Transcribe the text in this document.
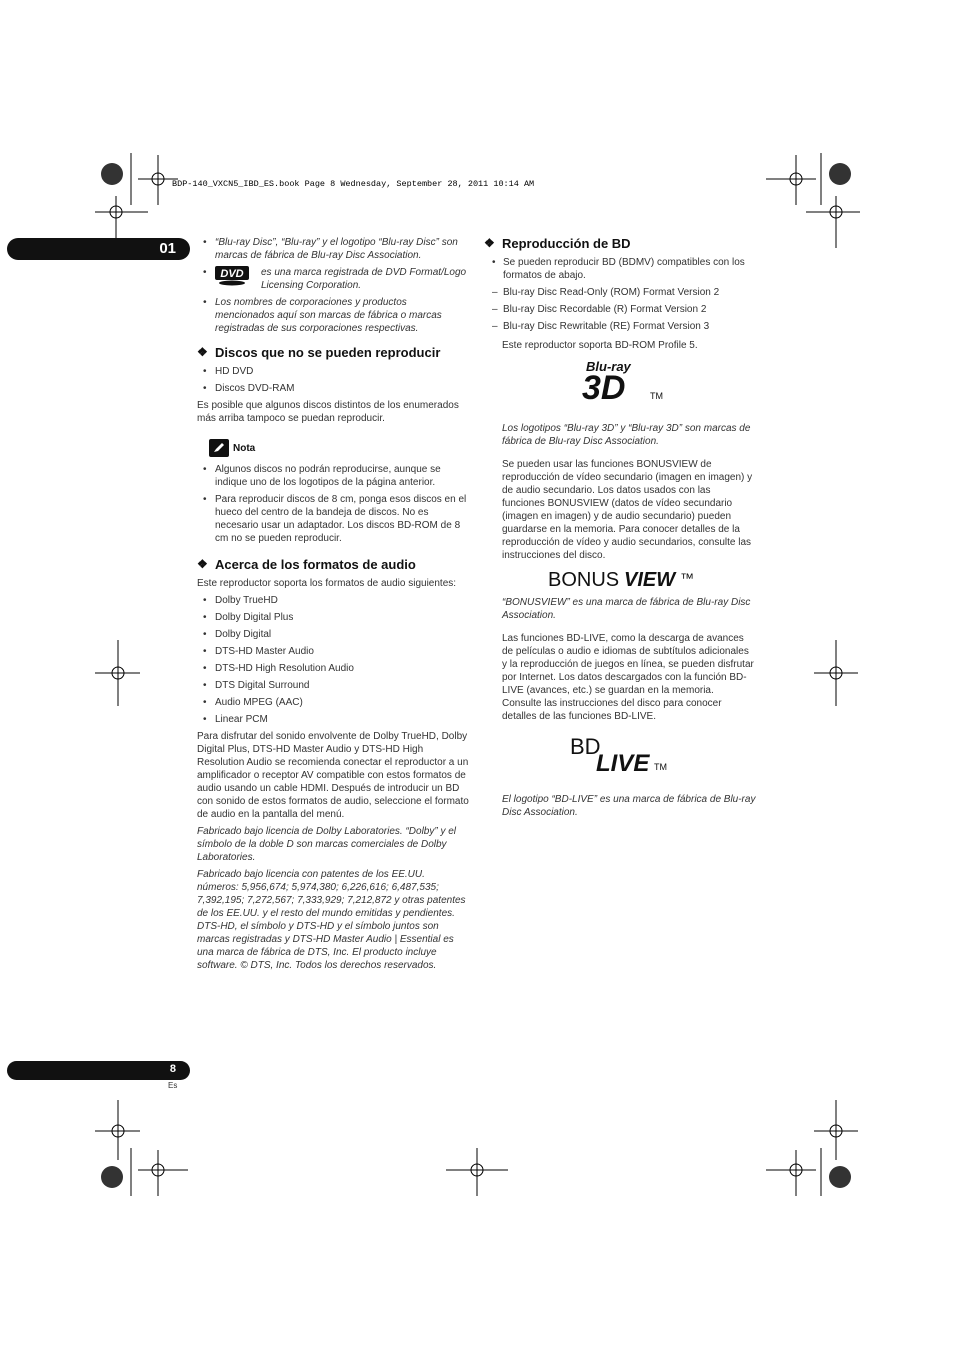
BDP-140_VXCN5_IBD_ES.book Page 8 Wednesday, September 28, 2011 10:14 AM
01
•	“Blu-ray Disc”, “Blu-ray” y el logotipo “Blu-ray Disc” son marcas de fábrica de Blu-ray Disc Association.
• DVD es una marca registrada de DVD Format/Logo Licensing Corporation.
• Los nombres de corporaciones y productos mencionados aquí son marcas de fábrica o marcas registradas de sus corporaciones respectivas.
❖ Discos que no se pueden reproducir
• HD DVD
• Discos DVD-RAM

Es posible que algunos discos distintos de los enumerados más arriba tampoco se puedan reproducir.

Nota
• Algunos discos no podrán reproducirse, aunque se indique uno de los logotipos de la página anterior.
• Para reproducir discos de 8 cm, ponga esos discos en el hueco del centro de la bandeja de discos. No es necesario usar un adaptador. Los discos BD-ROM de 8 cm no se pueden reproducir.
❖ Acerca de los formatos de audio

Este reproductor soporta los formatos de audio siguientes:

• Dolby TrueHD
• Dolby Digital Plus
• Dolby Digital
• DTS-HD Master Audio
• DTS-HD High Resolution Audio
• DTS Digital Surround
• Audio MPEG (AAC)
• Linear PCM

Para disfrutar del sonido envolvente de Dolby TrueHD, Dolby Digital Plus, DTS-HD Master Audio y DTS-HD High Resolution Audio se recomienda conectar el reproductor a un amplificador o receptor AV compatible con estos formatos de audio usando un cable HDMI. Después de introducir un BD con sonido de estos formatos de audio, seleccione el formato de audio en la pantalla del menú.

Fabricado bajo licencia de Dolby Laboratories. “Dolby” y el símbolo de la doble D son marcas comerciales de Dolby Laboratories.

Fabricado bajo licencia con patentes de los EE.UU. números: 5,956,674; 5,974,380; 6,226,616; 6,487,535; 7,392,195; 7,272,567; 7,333,929; 7,212,872 y otras patentes de los EE.UU. y el resto del mundo emitidas y pendientes. DTS-HD, el símbolo y DTS-HD y el símbolo juntos son marcas registradas y DTS-HD Master Audio | Essential es una marca de fábrica de DTS, Inc. El producto incluye software. © DTS, Inc. Todos los derechos reservados.

❖ Reproducción de BD
• Se pueden reproducir BD (BDMV) compatibles con los formatos de abajo.
– Blu-ray Disc Read-Only (ROM) Format Version 2
– Blu-ray Disc Recordable (R) Format Version 2
– Blu-ray Disc Rewritable (RE) Format Version 3

Este reproductor soporta BD-ROM Profile 5.

Blu-ray
3D	TM

Los logotipos “Blu-ray 3D” y “Blu-ray 3D” son marcas de fábrica de Blu-ray Disc Association.

Se pueden usar las funciones BONUSVIEW de reproducción de vídeo secundario (imagen en imagen) y de audio secundario. Los datos usados con las funciones BONUSVIEW (datos de vídeo secundario (imagen en imagen) y de audio secundario) pueden guardarse en la memoria. Para conocer detalles de la reproducción de vídeo y audio secundarios, consulte las instrucciones del disco.

BONUS VIEW ™

“BONUSVIEW” es una marca de fábrica de Blu-ray Disc Association.

Las funciones BD-LIVE, como la descarga de avances de películas o audio e idiomas de subtítulos adicionales y la reproducción de juegos en línea, se pueden disfrutar por Internet. Los datos descargados con la función BD-LIVE (avances, etc.) se guardan en la memoria. Consulte las instrucciones del disco para conocer detalles de las funciones BD-LIVE.

BD
LIVE TM

El logotipo “BD-LIVE” es una marca de fábrica de Blu-ray Disc Association.

8
Es
